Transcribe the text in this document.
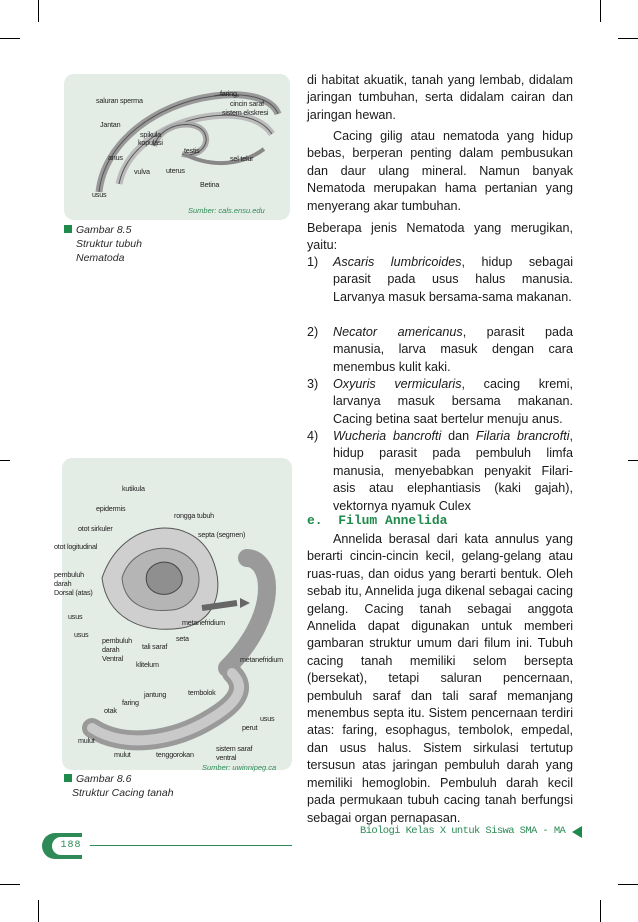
saluran sperma
faring
cincin saraf
sistem ekskresi
Jantan
spikula
kopulasi
testis
anus	sel telur
vulva uterus
Betina
usus
Sumber: cals.ensu.edu
Gambar 8.5
Struktur tubuh
Nematoda
kutikula
epidermis
rongga tubuh
otot sirkuler
septa (segmen)
otot logitudinal
pembuluh
darah
Dorsal (atas)
usus
usus
metanefridium
seta
pembuluh
darah
Ventral
tali saraf
klitelum
metanefridium
jantung	tembolok
faring
otak
usus
perut
mulut
mulut	tenggorokan
sistem saraf
ventral
Sumber: uwinnipeg.ca
Gambar 8.6
Struktur Cacing tanah

di habitat akuatik, tanah yang lembab, didalam jaringan tumbuhan, serta didalam cairan dan jaringan hewan.

Cacing gilig atau nematoda yang hidup bebas, berperan penting dalam pembusukan dan daur ulang mineral. Namun banyak Nematoda merupakan hama pertanian yang menyerang akar tumbuhan.

Beberapa jenis Nematoda yang merugikan, yaitu:

1) Ascaris lumbricoides, hidup sebagai parasit pada usus halus manusia. Larvanya masuk bersama-sama makanan.
2) Necator americanus, parasit pada manusia, larva masuk dengan cara menembus kulit kaki.
3) Oxyuris vermicularis, cacing kremi, larvanya masuk bersama makanan. Cacing betina saat bertelur menuju anus.
4) Wucheria bancrofti dan Filaria brancrofti, hidup parasit pada pembuluh limfa manusia, menyebabkan penyakit Filari-asis atau elephantiasis (kaki gajah), vektornya nyamuk Culex
e. Filum Annelida

Annelida berasal dari kata annulus yang berarti cincin-cincin kecil, gelang-gelang atau ruas-ruas, dan oidus yang berarti bentuk. Oleh sebab itu, Annelida juga dikenal sebagai cacing gelang. Cacing tanah sebagai anggota Annelida dapat digunakan untuk memberi gambaran struktur umum dari filum ini. Tubuh cacing tanah memiliki selom bersepta (bersekat), tetapi saluran pencernaan, pembuluh saraf dan tali saraf memanjang menembus septa itu. Sistem pencernaan terdiri atas: faring, esophagus, tembolok, empedal, dan usus halus. Sistem sirkulasi tertutup tersusun atas jaringan pembuluh darah yang memiliki hemoglobin. Pembuluh darah kecil pada permukaan tubuh cacing tanah berfungsi sebagai organ pernapasan.

Biologi Kelas X untuk Siswa SMA - MA
188
